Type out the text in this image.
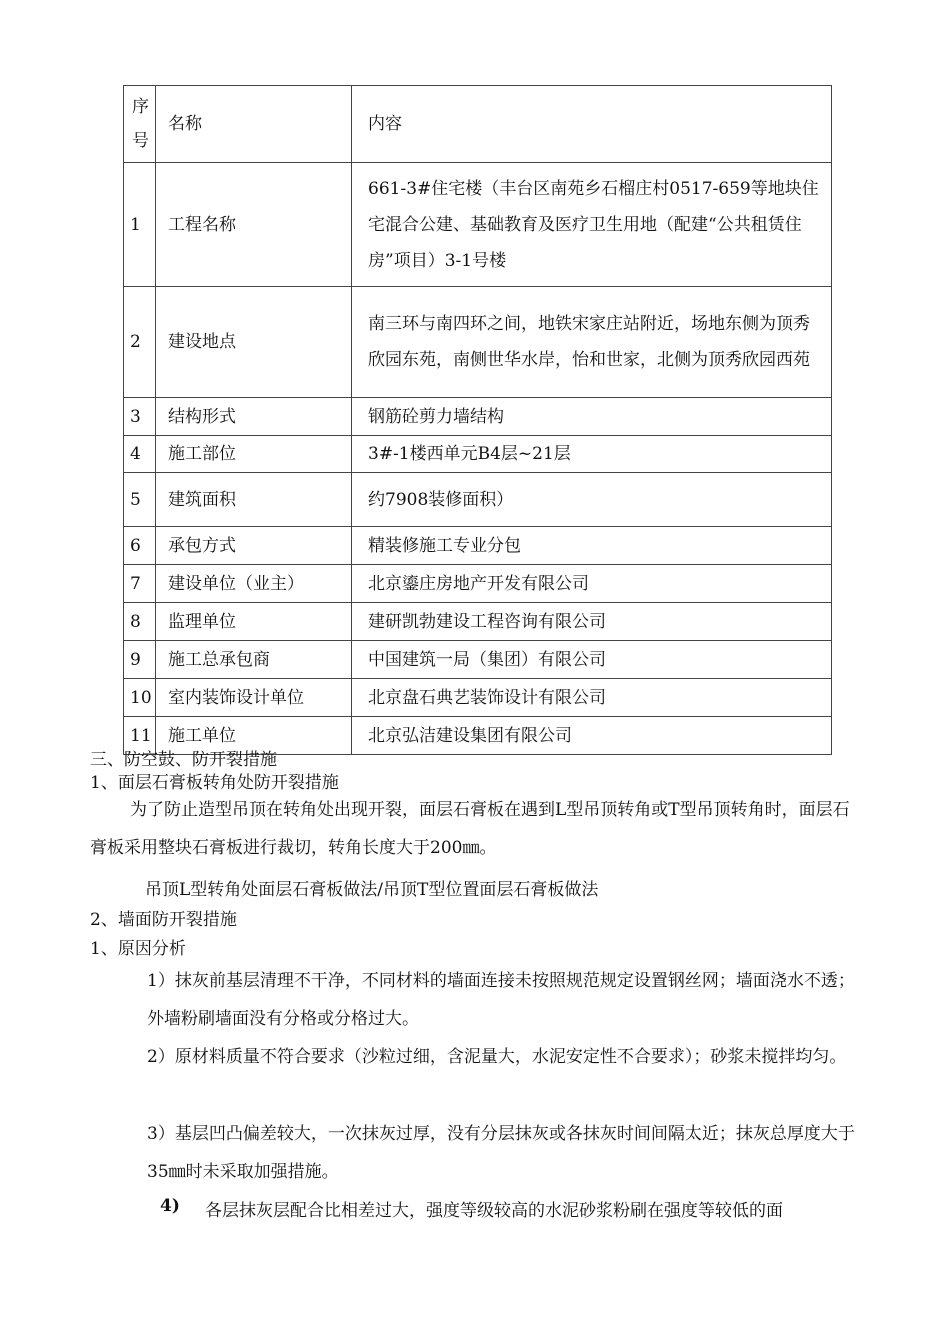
序号	名称	内容
1	工程名称	661-3#住宅楼（丰台区南苑乡石榴庄村0517-659等地块住宅混合公建、基础教育及医疗卫生用地（配建“公共租赁住房”项目）3-1号楼
2	建设地点	南三环与南四环之间，地铁宋家庄站附近，场地东侧为顶秀欣园东苑，南侧世华水岸，怡和世家，北侧为顶秀欣园西苑
3	结构形式	钢筋砼剪力墙结构
4	施工部位	3#-1楼西单元B4层~21层
5	建筑面积	约7908装修面积）
6	承包方式	精装修施工专业分包
7	建设单位（业主）	北京鎏庄房地产开发有限公司
8	监理单位	建研凯勃建设工程咨询有限公司
9	施工总承包商	中国建筑一局（集团）有限公司
10	室内装饰设计单位	北京盘石典艺装饰设计有限公司
11	施工单位	北京弘洁建设集团有限公司
三、防空鼓、防开裂措施
1、面层石膏板转角处防开裂措施
为了防止造型吊顶在转角处出现开裂，面层石膏板在遇到L型吊顶转角或T型吊顶转角时，面层石膏板采用整块石膏板进行裁切，转角长度大于200㎜。
吊顶L型转角处面层石膏板做法/吊顶T型位置面层石膏板做法
2、墙面防开裂措施
1、原因分析
1）抹灰前基层清理不干净，不同材料的墙面连接未按照规范规定设置钢丝网；墙面浇水不透；外墙粉刷墙面没有分格或分格过大。
2）原材料质量不符合要求（沙粒过细，含泥量大，水泥安定性不合要求）；砂浆未搅拌均匀。
3）基层凹凸偏差较大，一次抹灰过厚，没有分层抹灰或各抹灰时间间隔太近；抹灰总厚度大于35㎜时未采取加强措施。
4)	各层抹灰层配合比相差过大，强度等级较高的水泥砂浆粉刷在强度等较低的面
